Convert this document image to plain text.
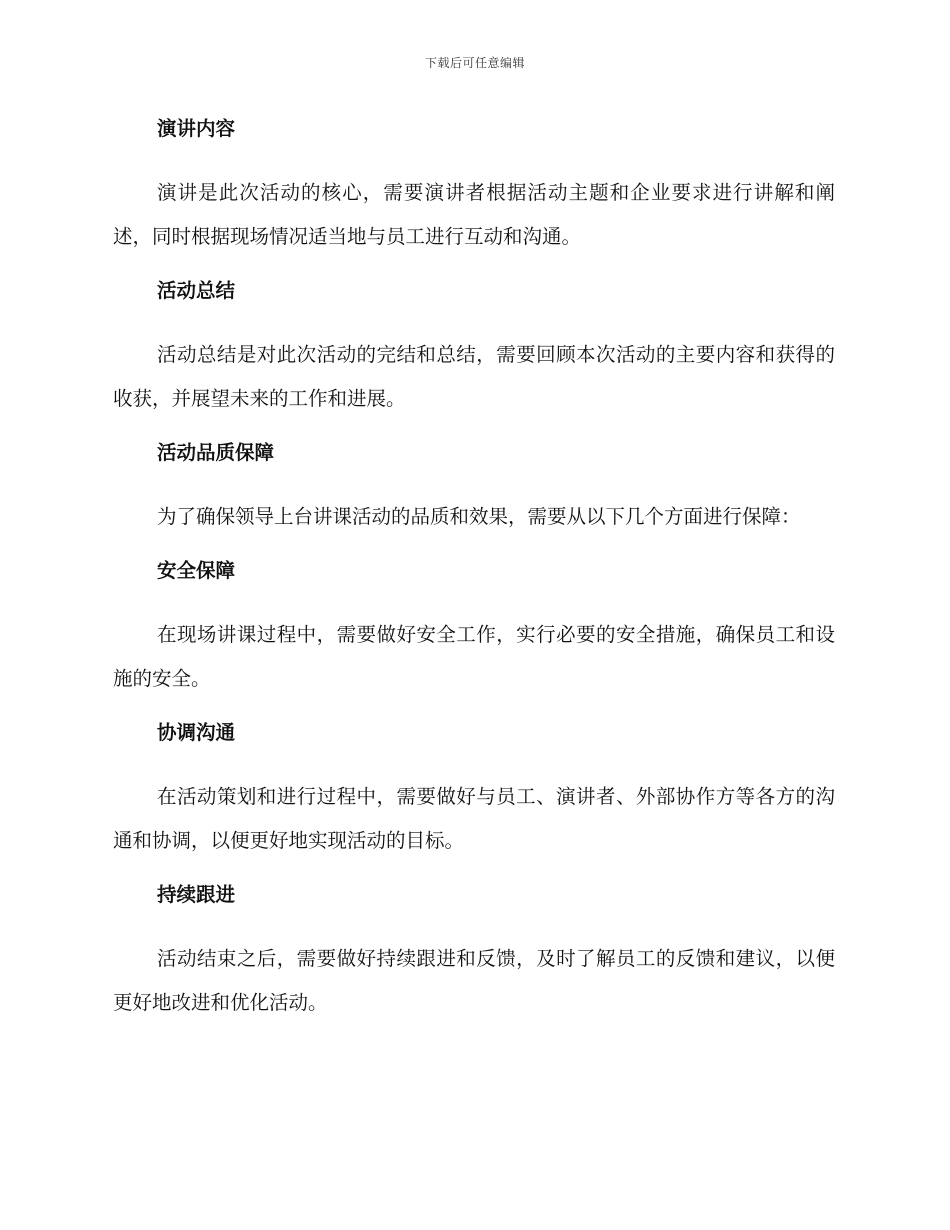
下载后可任意编辑
演讲内容

演讲是此次活动的核心，需要演讲者根据活动主题和企业要求进行讲解和阐述，同时根据现场情况适当地与员工进行互动和沟通。

活动总结

活动总结是对此次活动的完结和总结，需要回顾本次活动的主要内容和获得的收获，并展望未来的工作和进展。

活动品质保障

为了确保领导上台讲课活动的品质和效果，需要从以下几个方面进行保障：

安全保障

在现场讲课过程中，需要做好安全工作，实行必要的安全措施，确保员工和设施的安全。

协调沟通

在活动策划和进行过程中，需要做好与员工、演讲者、外部协作方等各方的沟通和协调，以便更好地实现活动的目标。

持续跟进

活动结束之后，需要做好持续跟进和反馈，及时了解员工的反馈和建议，以便更好地改进和优化活动。
